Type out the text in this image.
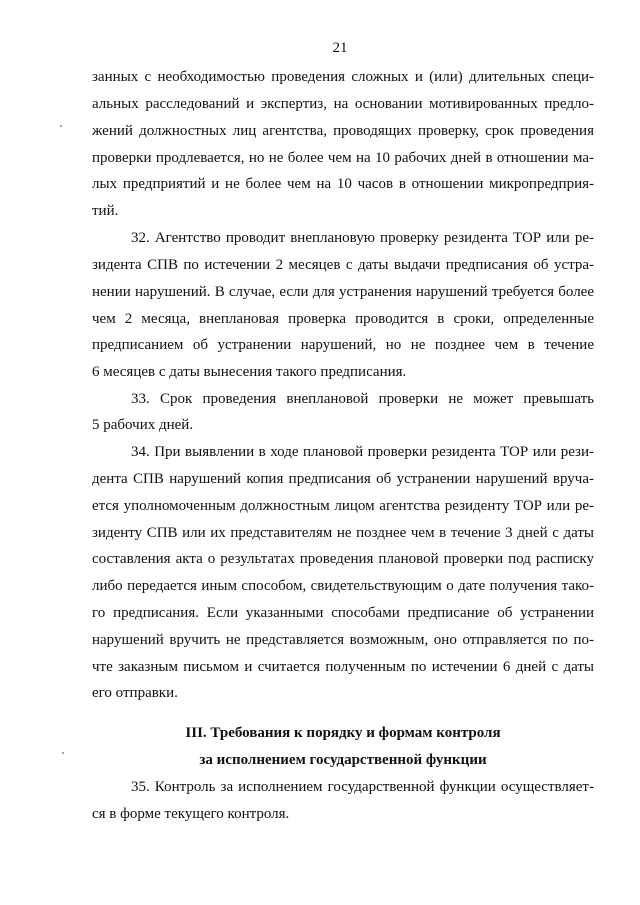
21
занных с необходимостью проведения сложных и (или) длительных специ-
альных расследований и экспертиз, на основании мотивированных предло-
жений должностных лиц агентства, проводящих проверку, срок проведения
проверки продлевается, но не более чем на 10 рабочих дней в отношении ма-
лых предприятий и не более чем на 10 часов в отношении микропредприя-
тий.
32. Агентство проводит внеплановую проверку резидента ТОР или ре-
зидента СПВ по истечении 2 месяцев с даты выдачи предписания об устра-
нении нарушений. В случае, если для устранения нарушений требуется более
чем 2 месяца, внеплановая проверка проводится в сроки, определенные
предписанием об устранении нарушений, но не позднее чем в течение
6 месяцев с даты вынесения такого предписания.
33. Срок проведения внеплановой проверки не может превышать
5 рабочих дней.
34. При выявлении в ходе плановой проверки резидента ТОР или рези-
дента СПВ нарушений копия предписания об устранении нарушений вруча-
ется уполномоченным должностным лицом агентства резиденту ТОР или ре-
зиденту СПВ или их представителям не позднее чем в течение 3 дней с даты
составления акта о результатах проведения плановой проверки под расписку
либо передается иным способом, свидетельствующим о дате получения тако-
го предписания. Если указанными способами предписание об устранении
нарушений вручить не представляется возможным, оно отправляется по по-
чте заказным письмом и считается полученным по истечении 6 дней с даты
его отправки.
III. Требования к порядку и формам контроля
за исполнением государственной функции
35. Контроль за исполнением государственной функции осуществляет-
ся в форме текущего контроля.
